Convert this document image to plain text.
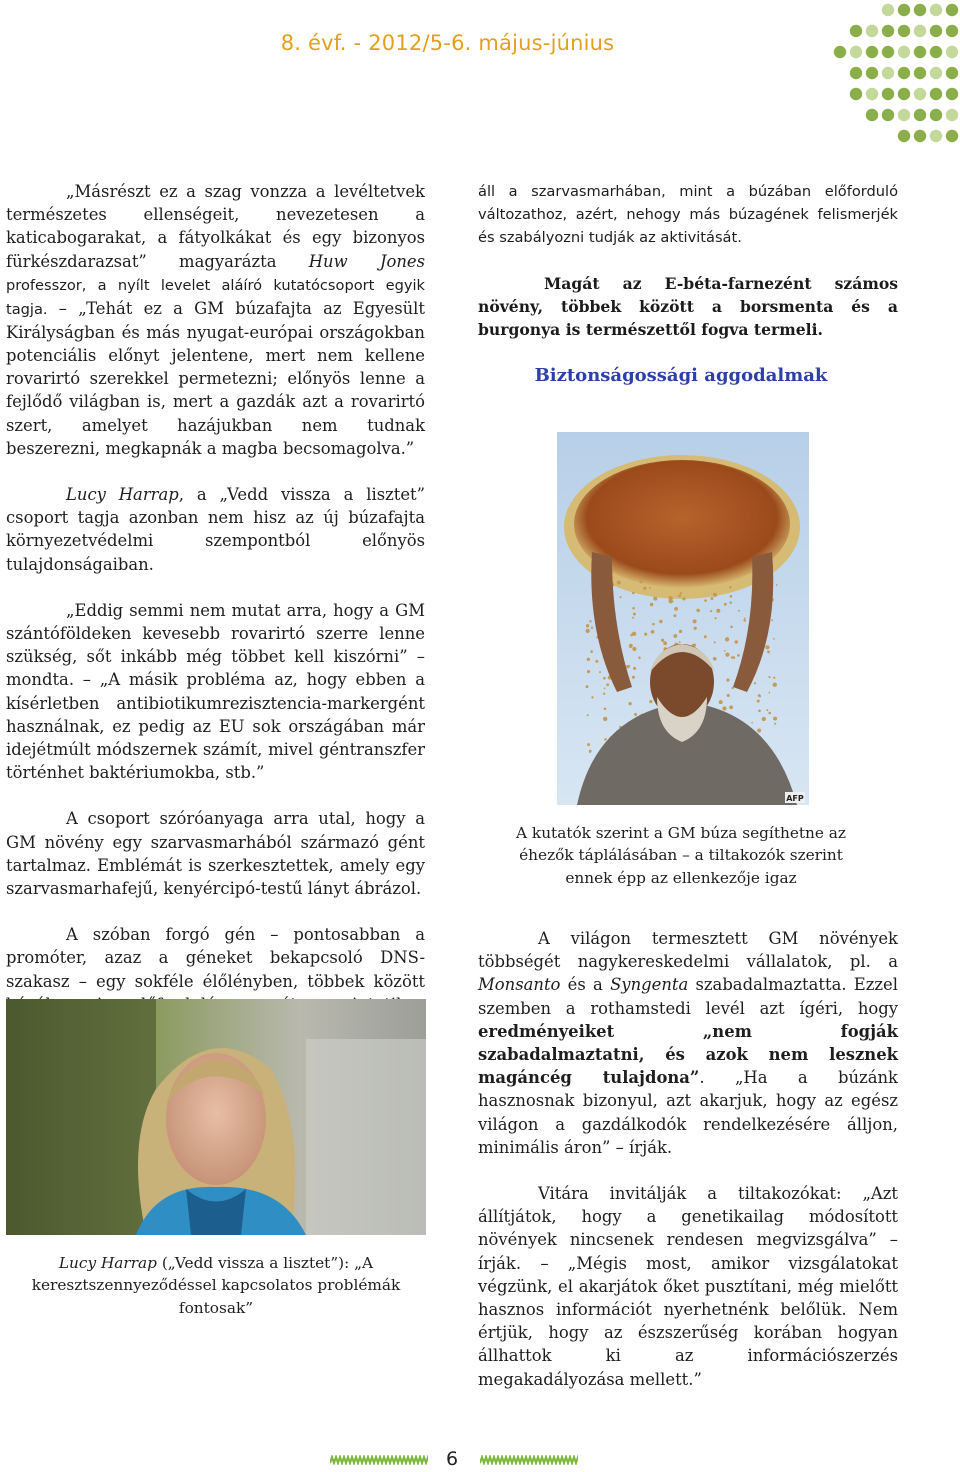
8. évf. - 2012/5-6. május-június

„Másrészt ez a szag vonzza a levéltetvek természetes ellenségeit, nevezetesen a katicabogarakat, a fátyolkákat és egy bizonyos fürkészdarazsat” magyarázta Huw Jones professzor, a nyílt levelet aláíró kutatócsoport egyik tagja. – „Tehát ez a GM búzafajta az Egyesült Királyságban és más nyugat-európai országokban potenciális előnyt jelentene, mert nem kellene rovarirtó szerekkel permetezni; előnyös lenne a fejlődő világban is, mert a gazdák azt a rovarirtó szert, amelyet hazájukban nem tudnak beszerezni, megkapnák a magba becsomagolva.”

Lucy Harrap, a „Vedd vissza a lisztet” csoport tagja azonban nem hisz az új búzafajta környezetvédelmi szempontból előnyös tulajdonságaiban.

„Eddig semmi nem mutat arra, hogy a GM szántóföldeken kevesebb rovarirtó szerre lenne szükség, sőt inkább még többet kell kiszórni” – mondta. – „A másik probléma az, hogy ebben a kísérletben antibiotikumrezisztencia-markergént használnak, ez pedig az EU sok országában már idejétmúlt módszernek számít, mivel géntranszfer történhet baktériumokba, stb.”

A csoport szóróanyaga arra utal, hogy a GM növény egy szarvasmarhából származó gént tartalmaz. Emblémát is szerkesztettek, amely egy szarvasmarhafejű, kenyércipó-testű lányt ábrázol.

A szóban forgó gén – pontosabban a promóter, azaz a géneket bekapcsoló DNS-szakasz – egy sokféle élőlényben, többek között

Lucy Harrap („Vedd vissza a lisztet”): „A keresztszennyeződéssel kapcsolatos problémák fontosak”

áll a szarvasmarhában, mint a búzában előforduló változathoz, azért, nehogy más búzagének felismerjék és szabályozni tudják az aktivitását.

Magát az E-béta-farnezént számos növény, többek között a borsmenta és a burgonya is természettől fogva termeli.
Biztonságossági aggodalmak
AFP
A kutatók szerint a GM búza segíthetne az éhezők táplálásában – a tiltakozók szerint ennek épp az ellenkezője igaz

A világon termesztett GM növények többségét nagykereskedelmi vállalatok, pl. a Monsanto és a Syngenta szabadalmaztatta. Ezzel szemben a rothamstedi levél azt ígéri, hogy eredményeiket „nem fogják szabadalmaztatni, és azok nem lesznek magáncég tulajdona”. „Ha a búzánk hasznosnak bizonyul, azt akarjuk, hogy az egész világon a gazdálkodók rendelkezésére álljon, minimális áron” – írják.

Vitára invitálják a tiltakozókat: „Azt állítjátok, hogy a genetikailag módosított növények nincsenek rendesen megvizsgálva” – írják. – „Mégis most, amikor vizsgálatokat végzünk, el akarjátok őket pusztítani, még mielőtt hasznos információt nyerhetnénk belőlük. Nem értjük, hogy az észszerűség korában hogyan állhattok ki az információszerzés megakadályozása mellett.”

6
